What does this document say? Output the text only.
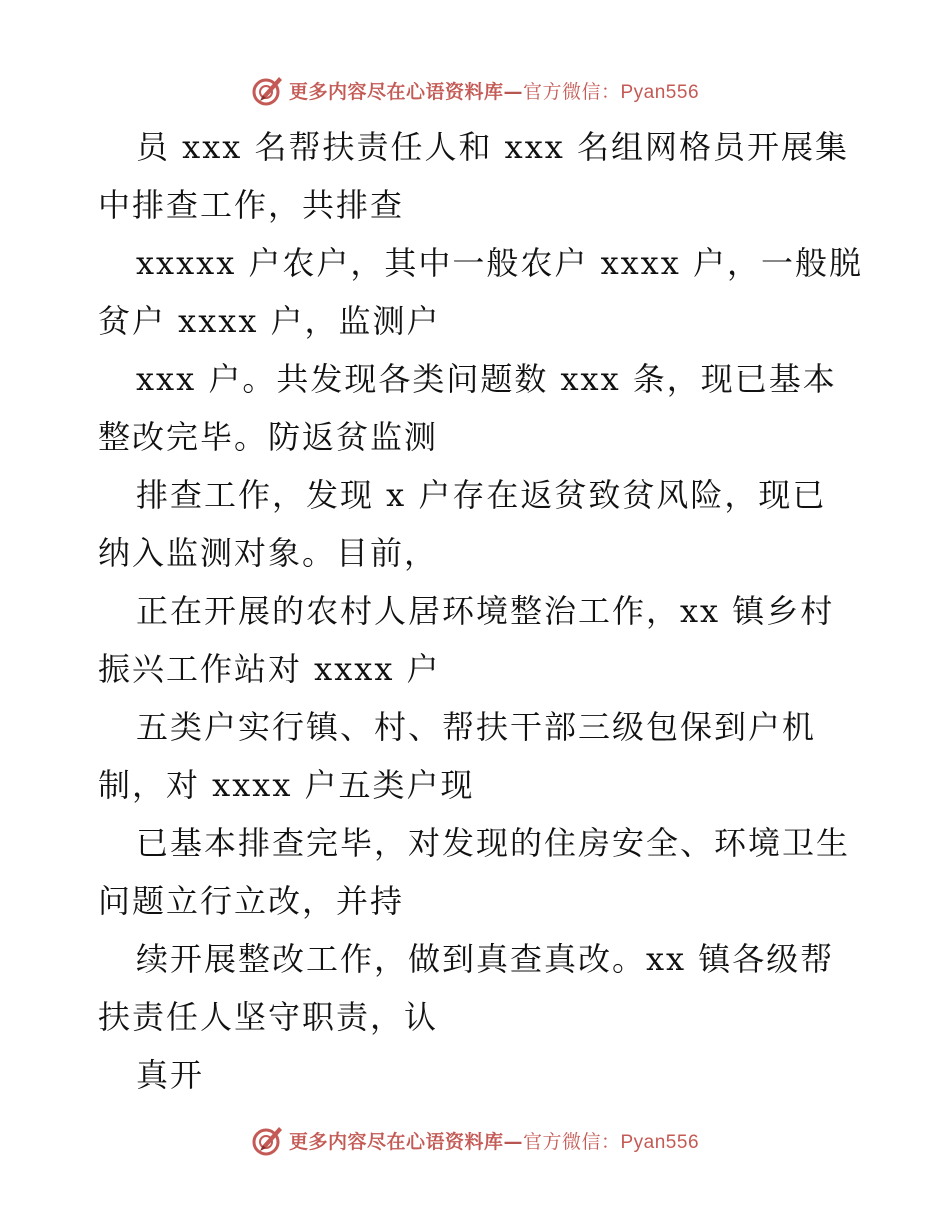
更多内容尽在心语资料库—官方微信：Pyan556
员 xxx 名帮扶责任人和 xxx 名组网格员开展集
中排查工作，共排查
xxxxx 户农户，其中一般农户 xxxx 户，一般脱
贫户 xxxx 户，监测户
xxx 户。共发现各类问题数 xxx 条，现已基本
整改完毕。防返贫监测
排查工作，发现 x 户存在返贫致贫风险，现已
纳入监测对象。目前，
正在开展的农村人居环境整治工作，xx 镇乡村
振兴工作站对 xxxx 户
五类户实行镇、村、帮扶干部三级包保到户机
制，对 xxxx 户五类户现
已基本排查完毕，对发现的住房安全、环境卫生
问题立行立改，并持
续开展整改工作，做到真查真改。xx 镇各级帮
扶责任人坚守职责，认
真开
更多内容尽在心语资料库—官方微信：Pyan556
